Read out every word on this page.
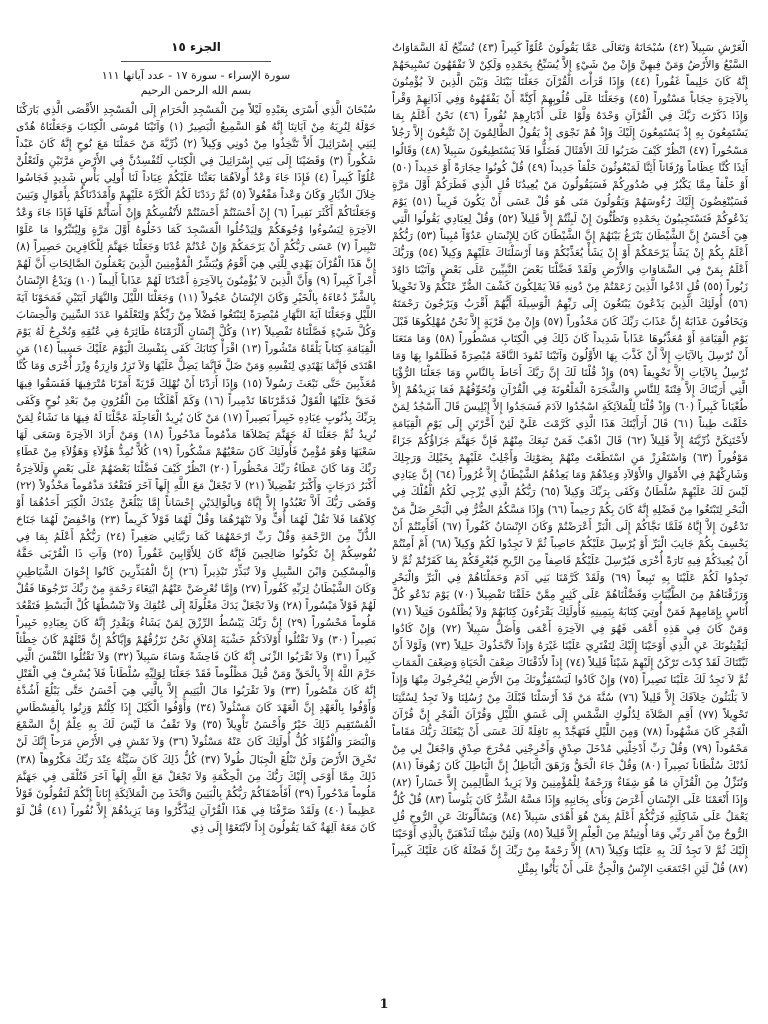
الْعَرْشِ سَبِيلاً (٤٢) سُبْحَانَهُ وَتَعَالَى عَمَّا يَقُولُونَ عُلُوّاً كَبِيراً (٤٣) تُسَبِّحُ لَهُ السَّمَاوَاتُ السَّبْعُ وَالأَرْضُ وَمَنْ فِيهِنَّ وَإِنْ مِنْ شَيْءٍ إِلاَّ يُسَبِّحُ بِحَمْدِهِ وَلَكِنْ لاَ تَفْقَهُونَ تَسْبِيحَهُمْ إِنَّهُ كَانَ حَلِيماً غَفُوراً (٤٤) وَإِذَا قَرَأْتَ الْقُرْآنَ جَعَلْنَا بَيْنَكَ وَبَيْنَ الَّذِينَ لاَ يُؤْمِنُونَ بِالآخِرَةِ حِجَاباً مَسْتُوراً (٤٥) وَجَعَلْنَا عَلَى قُلُوبِهِمْ أَكِنَّةً أَنْ يَفْقَهُوهُ وَفِي آذَانِهِمْ وَقْراً وَإِذَا ذَكَرْتَ رَبَّكَ فِي الْقُرْآنِ وَحْدَهُ وَلَّوْا عَلَى أَدْبَارِهِمْ نُفُوراً (٤٦) نَحْنُ أَعْلَمُ بِمَا يَسْتَمِعُونَ بِهِ إِذْ يَسْتَمِعُونَ إِلَيْكَ وَإِذْ هُمْ نَجْوَى إِذْ يَقُولُ الظَّالِمُونَ إِنْ تَتَّبِعُونَ إِلاَّ رَجُلاً مَسْحُوراً (٤٧) انْظُرْ كَيْفَ ضَرَبُوا لَكَ الأَمْثَالَ فَضَلُّوا فَلاَ يَسْتَطِيعُونَ سَبِيلاً (٤٨) وَقَالُوا أَئِذَا كُنَّا عِظَاماً وَرُفَاتاً أَئِنَّا لَمَبْعُوثُونَ خَلْقاً جَدِيداً (٤٩) قُلْ كُونُوا حِجَارَةً أَوْ حَدِيداً (٥٠) أَوْ خَلْقاً مِمَّا يَكْبُرُ فِي صُدُورِكُمْ فَسَيَقُولُونَ مَنْ يُعِيدُنَا قُلِ الَّذِي فَطَرَكُمْ أَوَّلَ مَرَّةٍ فَسَيُنْغِضُونَ إِلَيْكَ رُءُوسَهُمْ وَيَقُولُونَ مَتَى هُوَ قُلْ عَسَى أَنْ يَكُونَ قَرِيباً (٥١) يَوْمَ يَدْعُوكُمْ فَتَسْتَجِيبُونَ بِحَمْدِهِ وَتَظُنُّونَ إِنْ لَبِثْتُمْ إِلاَّ قَلِيلاً (٥٢) وَقُلْ لِعِبَادِي يَقُولُوا الَّتِي هِيَ أَحْسَنُ إِنَّ الشَّيْطَانَ يَنْزَغُ بَيْنَهُمْ إِنَّ الشَّيْطَانَ كَانَ لِلإِنْسَانِ عَدُوّاً مُبِيناً (٥٣) رَبُّكُمْ أَعْلَمُ بِكُمْ إِنْ يَشَأْ يَرْحَمْكُمْ أَوْ إِنْ يَشَأْ يُعَذِّبْكُمْ وَمَا أَرْسَلْنَاكَ عَلَيْهِمْ وَكِيلاً (٥٤) وَرَبُّكَ أَعْلَمُ بِمَنْ فِي السَّمَاوَاتِ وَالأَرْضِ وَلَقَدْ فَضَّلْنَا بَعْضَ النَّبِيِّينَ عَلَى بَعْضٍ وَآتَيْنَا دَاوُدَ زَبُوراً (٥٥) قُلِ ادْعُوا الَّذِينَ زَعَمْتُمْ مِنْ دُونِهِ فَلاَ يَمْلِكُونَ كَشْفَ الضُّرِّ عَنْكُمْ وَلاَ تَحْوِيلاً (٥٦) أُولَئِكَ الَّذِينَ يَدْعُونَ يَبْتَغُونَ إِلَى رَبِّهِمُ الْوَسِيلَةَ أَيُّهُمْ أَقْرَبُ وَيَرْجُونَ رَحْمَتَهُ وَيَخَافُونَ عَذَابَهُ إِنَّ عَذَابَ رَبِّكَ كَانَ مَحْذُوراً (٥٧) وَإِنْ مِنْ قَرْيَةٍ إِلاَّ نَحْنُ مُهْلِكُوهَا قَبْلَ يَوْمِ الْقِيَامَةِ أَوْ مُعَذِّبُوهَا عَذَاباً شَدِيداً كَانَ ذَلِكَ فِي الْكِتَابِ مَسْطُوراً (٥٨) وَمَا مَنَعَنَا أَنْ نُرْسِلَ بِالآيَاتِ إِلاَّ أَنْ كَذَّبَ بِهَا الأَوَّلُونَ وَآتَيْنَا ثَمُودَ النَّاقَةَ مُبْصِرَةً فَظَلَمُوا بِهَا وَمَا نُرْسِلُ بِالآيَاتِ إِلاَّ تَخْوِيفاً (٥٩) وَإِذْ قُلْنَا لَكَ إِنَّ رَبَّكَ أَحَاطَ بِالنَّاسِ وَمَا جَعَلْنَا الرُّؤْيَا الَّتِي أَرَيْنَاكَ إِلاَّ فِتْنَةً لِلنَّاسِ وَالشَّجَرَةَ الْمَلْعُونَةَ فِي الْقُرْآنِ وَنُخَوِّفُهُمْ فَمَا يَزِيدُهُمْ إِلاَّ طُغْيَاناً كَبِيراً (٦٠) وَإِذْ قُلْنَا لِلْمَلاَئِكَةِ اسْجُدُوا لآدَمَ فَسَجَدُوا إِلاَّ إِبْلِيسَ قَالَ أَأَسْجُدُ لِمَنْ خَلَقْتَ طِيناً (٦١) قَالَ أَرَأَيْتَكَ هَذَا الَّذِي كَرَّمْتَ عَلَيَّ لَئِنْ أَخَّرْتَنِ إِلَى يَوْمِ الْقِيَامَةِ لأَحْتَنِكَنَّ ذُرِّيَّتَهُ إِلاَّ قَلِيلاً (٦٢) قَالَ اذْهَبْ فَمَنْ تَبِعَكَ مِنْهُمْ فَإِنَّ جَهَنَّمَ جَزَاؤُكُمْ جَزَاءً مَوْفُوراً (٦٣) وَاسْتَفْزِزْ مَنِ اسْتَطَعْتَ مِنْهُمْ بِصَوْتِكَ وَأَجْلِبْ عَلَيْهِمْ بِخَيْلِكَ وَرَجِلِكَ وَشَارِكْهُمْ فِي الأَمْوَالِ وَالأَوْلاَدِ وَعِدْهُمْ وَمَا يَعِدُهُمُ الشَّيْطَانُ إِلاَّ غُرُوراً (٦٤) إِنَّ عِبَادِي لَيْسَ لَكَ عَلَيْهِمْ سُلْطَانٌ وَكَفَى بِرَبِّكَ وَكِيلاً (٦٥) رَبُّكُمُ الَّذِي يُزْجِي لَكُمُ الْفُلْكَ فِي الْبَحْرِ لِتَبْتَغُوا مِنْ فَضْلِهِ إِنَّهُ كَانَ بِكُمْ رَحِيماً (٦٦) وَإِذَا مَسَّكُمُ الضُّرُّ فِي الْبَحْرِ ضَلَّ مَنْ تَدْعُونَ إِلاَّ إِيَّاهُ فَلَمَّا نَجَّاكُمْ إِلَى الْبَرِّ أَعْرَضْتُمْ وَكَانَ الإِنْسَانُ كَفُوراً (٦٧) أَفَأَمِنْتُمْ أَنْ يَخْسِفَ بِكُمْ جَانِبَ الْبَرِّ أَوْ يُرْسِلَ عَلَيْكُمْ حَاصِباً ثُمَّ لاَ تَجِدُوا لَكُمْ وَكِيلاً (٦٨) أَمْ أَمِنْتُمْ أَنْ يُعِيدَكُمْ فِيهِ تَارَةً أُخْرَى فَيُرْسِلَ عَلَيْكُمْ قَاصِفاً مِنَ الرِّيحِ فَيُغْرِقَكُمْ بِمَا كَفَرْتُمْ ثُمَّ لاَ تَجِدُوا لَكُمْ عَلَيْنَا بِهِ تَبِيعاً (٦٩) وَلَقَدْ كَرَّمْنَا بَنِي آدَمَ وَحَمَلْنَاهُمْ فِي الْبَرِّ وَالْبَحْرِ وَرَزَقْنَاهُمْ مِنَ الطَّيِّبَاتِ وَفَضَّلْنَاهُمْ عَلَى كَثِيرٍ مِمَّنْ خَلَقْنَا تَفْضِيلاً (٧٠) يَوْمَ نَدْعُو كُلَّ أُنَاسٍ بِإِمَامِهِمْ فَمَنْ أُوتِيَ كِتَابَهُ بِيَمِينِهِ فَأُولَئِكَ يَقْرَءُونَ كِتَابَهُمْ وَلاَ يُظْلَمُونَ فَتِيلاً (٧١) وَمَنْ كَانَ فِي هَذِهِ أَعْمَى فَهُوَ فِي الآخِرَةِ أَعْمَى وَأَضَلُّ سَبِيلاً (٧٢) وَإِنْ كَادُوا لَيَفْتِنُونَكَ عَنِ الَّذِي أَوْحَيْنَا إِلَيْكَ لِتَفْتَرِيَ عَلَيْنَا غَيْرَهُ وَإِذاً لاَتَّخَذُوكَ خَلِيلاً (٧٣) وَلَوْلاَ أَنْ ثَبَّتْنَاكَ لَقَدْ كِدْتَ تَرْكَنُ إِلَيْهِمْ شَيْئاً قَلِيلاً (٧٤) إِذاً لأَذَقْنَاكَ ضِعْفَ الْحَيَاةِ وَضِعْفَ الْمَمَاتِ ثُمَّ لاَ تَجِدُ لَكَ عَلَيْنَا نَصِيراً (٧٥) وَإِنْ كَادُوا لَيَسْتَفِزُّونَكَ مِنَ الأَرْضِ لِيُخْرِجُوكَ مِنْهَا وَإِذاً لاَ يَلْبَثُونَ خِلاَفَكَ إِلاَّ قَلِيلاً (٧٦) سُنَّةَ مَنْ قَدْ أَرْسَلْنَا قَبْلَكَ مِنْ رُسُلِنَا وَلاَ تَجِدُ لِسُنَّتِنَا تَحْوِيلاً (٧٧) أَقِمِ الصَّلاَةَ لِدُلُوكِ الشَّمْسِ إِلَى غَسَقِ اللَّيْلِ وَقُرْآنَ الْفَجْرِ إِنَّ قُرْآنَ الْفَجْرِ كَانَ مَشْهُوداً (٧٨) وَمِنَ اللَّيْلِ فَتَهَجَّدْ بِهِ نَافِلَةً لَكَ عَسَى أَنْ يَبْعَثَكَ رَبُّكَ مَقَاماً مَحْمُوداً (٧٩) وَقُلْ رَبِّ أَدْخِلْنِي مُدْخَلَ صِدْقٍ وَأَخْرِجْنِي مُخْرَجَ صِدْقٍ وَاجْعَلْ لِي مِنْ لَدُنْكَ سُلْطَاناً نَصِيراً (٨٠) وَقُلْ جَاءَ الْحَقُّ وَزَهَقَ الْبَاطِلُ إِنَّ الْبَاطِلَ كَانَ زَهُوقاً (٨١) وَنُنَزِّلُ مِنَ الْقُرْآنِ مَا هُوَ شِفَاءٌ وَرَحْمَةٌ لِلْمُؤْمِنِينَ وَلاَ يَزِيدُ الظَّالِمِينَ إِلاَّ خَسَاراً (٨٢) وَإِذَا أَنْعَمْنَا عَلَى الإِنْسَانِ أَعْرَضَ وَنَأَى بِجَانِبِهِ وَإِذَا مَسَّهُ الشَّرُّ كَانَ يَئُوساً (٨٣) قُلْ كُلٌّ يَعْمَلُ عَلَى شَاكِلَتِهِ فَرَبُّكُمْ أَعْلَمُ بِمَنْ هُوَ أَهْدَى سَبِيلاً (٨٤) وَيَسْأَلُونَكَ عَنِ الرُّوحِ قُلِ الرُّوحُ مِنْ أَمْرِ رَبِّي وَمَا أُوتِيتُمْ مِنَ الْعِلْمِ إِلاَّ قَلِيلاً (٨٥) وَلَئِنْ شِئْنَا لَنَذْهَبَنَّ بِالَّذِي أَوْحَيْنَا إِلَيْكَ ثُمَّ لاَ تَجِدُ لَكَ بِهِ عَلَيْنَا وَكِيلاً (٨٦) إِلاَّ رَحْمَةً مِنْ رَبِّكَ إِنَّ فَضْلَهُ كَانَ عَلَيْكَ كَبِيراً (٨٧) قُلْ لَئِنِ اجْتَمَعَتِ الإِنْسُ وَالْجِنُّ عَلَى أَنْ يَأْتُوا بِمِثْلِ

الجزء ١٥
سورة الإسراء - سورة ١٧ - عدد آياتها ١١١
بسم الله الرحمن الرحيم

سُبْحَانَ الَّذِي أَسْرَى بِعَبْدِهِ لَيْلاً مِنَ الْمَسْجِدِ الْحَرَامِ إِلَى الْمَسْجِدِ الأَقْصَى الَّذِي بَارَكْنَا حَوْلَهُ لِنُرِيَهُ مِنْ آيَاتِنَا إِنَّهُ هُوَ السَّمِيعُ الْبَصِيرُ (١) وَآتَيْنَا مُوسَى الْكِتَابَ وَجَعَلْنَاهُ هُدًى لِبَنِي إِسْرَائِيلَ أَلاَّ تَتَّخِذُوا مِنْ دُونِي وَكِيلاً (٢) ذُرِّيَّةَ مَنْ حَمَلْنَا مَعَ نُوحٍ إِنَّهُ كَانَ عَبْداً شَكُوراً (٣) وَقَضَيْنَا إِلَى بَنِي إِسْرَائِيلَ فِي الْكِتَابِ لَتُفْسِدُنَّ فِي الأَرْضِ مَرَّتَيْنِ وَلَتَعْلُنَّ عُلُوّاً كَبِيراً (٤) فَإِذَا جَاءَ وَعْدُ أُولاَهُمَا بَعَثْنَا عَلَيْكُمْ عِبَاداً لَنَا أُولِي بَأْسٍ شَدِيدٍ فَجَاسُوا خِلاَلَ الدِّيَارِ وَكَانَ وَعْداً مَفْعُولاً (٥) ثُمَّ رَدَدْنَا لَكُمُ الْكَرَّةَ عَلَيْهِمْ وَأَمْدَدْنَاكُمْ بِأَمْوَالٍ وَبَنِينَ وَجَعَلْنَاكُمْ أَكْثَرَ نَفِيراً (٦) إِنْ أَحْسَنْتُمْ أَحْسَنْتُمْ لأَنْفُسِكُمْ وَإِنْ أَسَأْتُمْ فَلَهَا فَإِذَا جَاءَ وَعْدُ الآخِرَةِ لِيَسُوءُوا وُجُوهَكُمْ وَلِيَدْخُلُوا الْمَسْجِدَ كَمَا دَخَلُوهُ أَوَّلَ مَرَّةٍ وَلِيُتَبِّرُوا مَا عَلَوْا تَتْبِيراً (٧) عَسَى رَبُّكُمْ أَنْ يَرْحَمَكُمْ وَإِنْ عُدْتُمْ عُدْنَا وَجَعَلْنَا جَهَنَّمَ لِلْكَافِرِينَ حَصِيراً (٨) إِنَّ هَذَا الْقُرْآنَ يَهْدِي لِلَّتِي هِيَ أَقْوَمُ وَيُبَشِّرُ الْمُؤْمِنِينَ الَّذِينَ يَعْمَلُونَ الصَّالِحَاتِ أَنَّ لَهُمْ أَجْراً كَبِيراً (٩) وَأَنَّ الَّذِينَ لاَ يُؤْمِنُونَ بِالآخِرَةِ أَعْتَدْنَا لَهُمْ عَذَاباً أَلِيماً (١٠) وَيَدْعُ الإِنْسَانُ بِالشَّرِّ دُعَاءَهُ بِالْخَيْرِ وَكَانَ الإِنْسَانُ عَجُولاً (١١) وَجَعَلْنَا اللَّيْلَ وَالنَّهَارَ آيَتَيْنِ فَمَحَوْنَا آيَةَ اللَّيْلِ وَجَعَلْنَا آيَةَ النَّهَارِ مُبْصِرَةً لِتَبْتَغُوا فَضْلاً مِنْ رَبِّكُمْ وَلِتَعْلَمُوا عَدَدَ السِّنِينَ وَالْحِسَابَ وَكُلَّ شَيْءٍ فَصَّلْنَاهُ تَفْصِيلاً (١٢) وَكُلَّ إِنْسَانٍ أَلْزَمْنَاهُ طَائِرَهُ فِي عُنُقِهِ وَنُخْرِجُ لَهُ يَوْمَ الْقِيَامَةِ كِتَاباً يَلْقَاهُ مَنْشُوراً (١٣) اقْرَأْ كِتَابَكَ كَفَى بِنَفْسِكَ الْيَوْمَ عَلَيْكَ حَسِيباً (١٤) مَنِ اهْتَدَى فَإِنَّمَا يَهْتَدِي لِنَفْسِهِ وَمَنْ ضَلَّ فَإِنَّمَا يَضِلُّ عَلَيْهَا وَلاَ تَزِرُ وَازِرَةٌ وِزْرَ أُخْرَى وَمَا كُنَّا مُعَذِّبِينَ حَتَّى نَبْعَثَ رَسُولاً (١٥) وَإِذَا أَرَدْنَا أَنْ نُهْلِكَ قَرْيَةً أَمَرْنَا مُتْرَفِيهَا فَفَسَقُوا فِيهَا فَحَقَّ عَلَيْهَا الْقَوْلُ فَدَمَّرْنَاهَا تَدْمِيراً (١٦) وَكَمْ أَهْلَكْنَا مِنَ الْقُرُونِ مِنْ بَعْدِ نُوحٍ وَكَفَى بِرَبِّكَ بِذُنُوبِ عِبَادِهِ خَبِيراً بَصِيراً (١٧) مَنْ كَانَ يُرِيدُ الْعَاجِلَةَ عَجَّلْنَا لَهُ فِيهَا مَا نَشَاءُ لِمَنْ نُرِيدُ ثُمَّ جَعَلْنَا لَهُ جَهَنَّمَ يَصْلاَهَا مَذْمُوماً مَدْحُوراً (١٨) وَمَنْ أَرَادَ الآخِرَةَ وَسَعَى لَهَا سَعْيَهَا وَهُوَ مُؤْمِنٌ فَأُولَئِكَ كَانَ سَعْيُهُمْ مَشْكُوراً (١٩) كُلاًّ نُمِدُّ هَؤُلاَءِ وَهَؤُلاَءِ مِنْ عَطَاءِ رَبِّكَ وَمَا كَانَ عَطَاءُ رَبِّكَ مَحْظُوراً (٢٠) انْظُرْ كَيْفَ فَضَّلْنَا بَعْضَهُمْ عَلَى بَعْضٍ وَلَلآخِرَةُ أَكْبَرُ دَرَجَاتٍ وَأَكْبَرُ تَفْضِيلاً (٢١) لاَ تَجْعَلْ مَعَ اللَّهِ إِلَهاً آخَرَ فَتَقْعُدَ مَذْمُوماً مَخْذُولاً (٢٢) وَقَضَى رَبُّكَ أَلاَّ تَعْبُدُوا إِلاَّ إِيَّاهُ وَبِالْوَالِدَيْنِ إِحْسَاناً إِمَّا يَبْلُغَنَّ عِنْدَكَ الْكِبَرَ أَحَدُهُمَا أَوْ كِلاَهُمَا فَلاَ تَقُلْ لَهُمَا أُفٍّ وَلاَ تَنْهَرْهُمَا وَقُلْ لَهُمَا قَوْلاً كَرِيماً (٢٣) وَاخْفِضْ لَهُمَا جَنَاحَ الذُّلِّ مِنَ الرَّحْمَةِ وَقُلْ رَبِّ ارْحَمْهُمَا كَمَا رَبَّيَانِي صَغِيراً (٢٤) رَبُّكُمْ أَعْلَمُ بِمَا فِي نُفُوسِكُمْ إِنْ تَكُونُوا صَالِحِينَ فَإِنَّهُ كَانَ لِلأَوَّابِينَ غَفُوراً (٢٥) وَآتِ ذَا الْقُرْبَى حَقَّهُ وَالْمِسْكِينَ وَابْنَ السَّبِيلِ وَلاَ تُبَذِّرْ تَبْذِيراً (٢٦) إِنَّ الْمُبَذِّرِينَ كَانُوا إِخْوَانَ الشَّيَاطِينِ وَكَانَ الشَّيْطَانُ لِرَبِّهِ كَفُوراً (٢٧) وَإِمَّا تُعْرِضَنَّ عَنْهُمُ ابْتِغَاءَ رَحْمَةٍ مِنْ رَبِّكَ تَرْجُوهَا فَقُلْ لَهُمْ قَوْلاً مَيْسُوراً (٢٨) وَلاَ تَجْعَلْ يَدَكَ مَغْلُولَةً إِلَى عُنُقِكَ وَلاَ تَبْسُطْهَا كُلَّ الْبَسْطِ فَتَقْعُدَ مَلُوماً مَحْسُوراً (٢٩) إِنَّ رَبَّكَ يَبْسُطُ الرِّزْقَ لِمَنْ يَشَاءُ وَيَقْدِرُ إِنَّهُ كَانَ بِعِبَادِهِ خَبِيراً بَصِيراً (٣٠) وَلاَ تَقْتُلُوا أَوْلاَدَكُمْ خَشْيَةَ إِمْلاَقٍ نَحْنُ نَرْزُقُهُمْ وَإِيَّاكُمْ إِنَّ قَتْلَهُمْ كَانَ خِطْئاً كَبِيراً (٣١) وَلاَ تَقْرَبُوا الزِّنَى إِنَّهُ كَانَ فَاحِشَةً وَسَاءَ سَبِيلاً (٣٢) وَلاَ تَقْتُلُوا النَّفْسَ الَّتِي حَرَّمَ اللَّهُ إِلاَّ بِالْحَقِّ وَمَنْ قُتِلَ مَظْلُوماً فَقَدْ جَعَلْنَا لِوَلِيِّهِ سُلْطَاناً فَلاَ يُسْرِفْ فِي الْقَتْلِ إِنَّهُ كَانَ مَنْصُوراً (٣٣) وَلاَ تَقْرَبُوا مَالَ الْيَتِيمِ إِلاَّ بِالَّتِي هِيَ أَحْسَنُ حَتَّى يَبْلُغَ أَشُدَّهُ وَأَوْفُوا بِالْعَهْدِ إِنَّ الْعَهْدَ كَانَ مَسْئُولاً (٣٤) وَأَوْفُوا الْكَيْلَ إِذَا كِلْتُمْ وَزِنُوا بِالْقِسْطَاسِ الْمُسْتَقِيمِ ذَلِكَ خَيْرٌ وَأَحْسَنُ تَأْوِيلاً (٣٥) وَلاَ تَقْفُ مَا لَيْسَ لَكَ بِهِ عِلْمٌ إِنَّ السَّمْعَ وَالْبَصَرَ وَالْفُؤَادَ كُلُّ أُولَئِكَ كَانَ عَنْهُ مَسْئُولاً (٣٦) وَلاَ تَمْشِ فِي الأَرْضِ مَرَحاً إِنَّكَ لَنْ تَخْرِقَ الأَرْضَ وَلَنْ تَبْلُغَ الْجِبَالَ طُولاً (٣٧) كُلُّ ذَلِكَ كَانَ سَيِّئُهُ عِنْدَ رَبِّكَ مَكْرُوهاً (٣٨) ذَلِكَ مِمَّا أَوْحَى إِلَيْكَ رَبُّكَ مِنَ الْحِكْمَةِ وَلاَ تَجْعَلْ مَعَ اللَّهِ إِلَهاً آخَرَ فَتُلْقَى فِي جَهَنَّمَ مَلُوماً مَدْحُوراً (٣٩) أَفَأَصْفَاكُمْ رَبُّكُمْ بِالْبَنِينَ وَاتَّخَذَ مِنَ الْمَلاَئِكَةِ إِنَاثاً إِنَّكُمْ لَتَقُولُونَ قَوْلاً عَظِيماً (٤٠) وَلَقَدْ صَرَّفْنَا فِي هَذَا الْقُرْآنِ لِيَذَّكَّرُوا وَمَا يَزِيدُهُمْ إِلاَّ نُفُوراً (٤١) قُلْ لَوْ كَانَ مَعَهُ آلِهَةٌ كَمَا يَقُولُونَ إِذاً لاَبْتَغَوْا إِلَى ذِي

1
